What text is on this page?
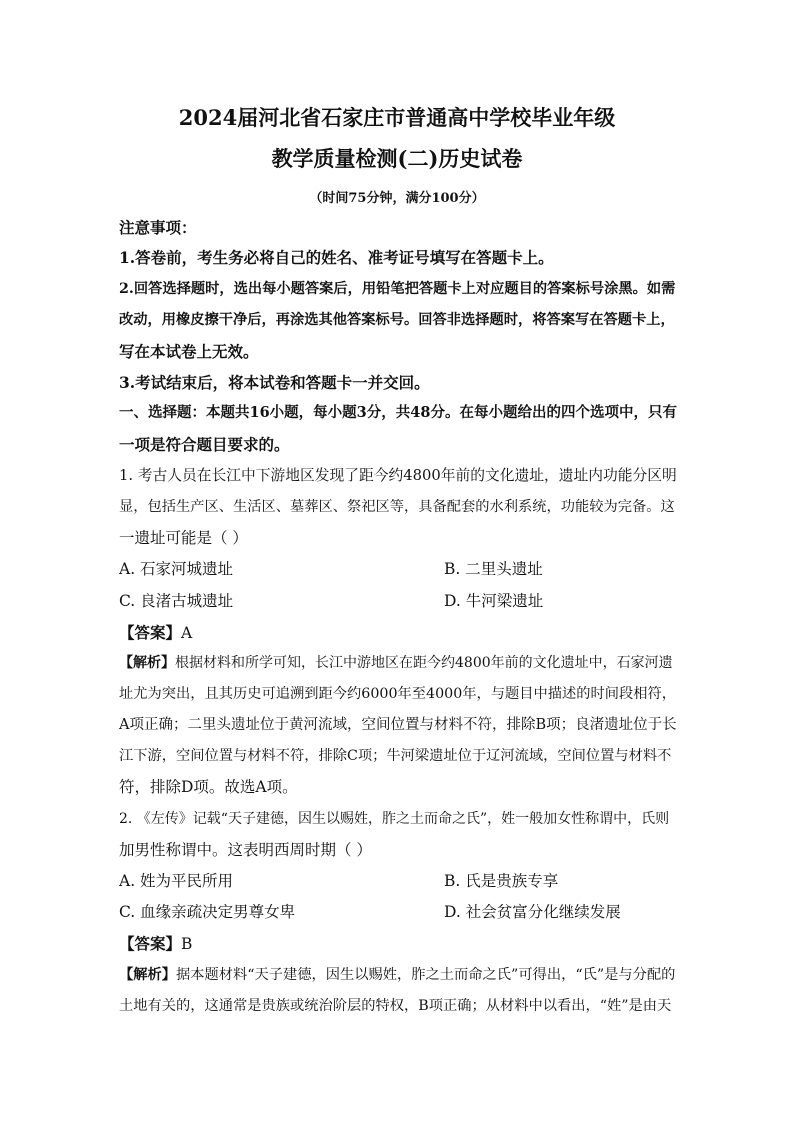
2024届河北省石家庄市普通高中学校毕业年级
教学质量检测(二)历史试卷
（时间75分钟，满分100分）
注意事项：
1.答卷前，考生务必将自己的姓名、准考证号填写在答题卡上。
2.回答选择题时，选出每小题答案后，用铅笔把答题卡上对应题目的答案标号涂黑。如需
改动，用橡皮擦干净后，再涂选其他答案标号。回答非选择题时，将答案写在答题卡上，
写在本试卷上无效。
3.考试结束后，将本试卷和答题卡一并交回。
一、选择题：本题共16小题，每小题3分，共48分。在每小题给出的四个选项中，只有
一项是符合题目要求的。
1. 考古人员在长江中下游地区发现了距今约4800年前的文化遗址，遗址内功能分区明
显，包括生产区、生活区、墓葬区、祭祀区等，具备配套的水利系统，功能较为完备。这
一遗址可能是（ ）
A. 石家河城遗址	B. 二里头遗址
C. 良渚古城遗址	D. 牛河梁遗址
【答案】A
【解析】根据材料和所学可知，长江中游地区在距今约4800年前的文化遗址中，石家河遗
址尤为突出，且其历史可追溯到距今约6000年至4000年，与题目中描述的时间段相符，
A项正确；二里头遗址位于黄河流域，空间位置与材料不符，排除B项；良渚遗址位于长
江下游，空间位置与材料不符，排除C项；牛河梁遗址位于辽河流域，空间位置与材料不
符，排除D项。故选A项。
2. 《左传》记载“天子建德，因生以赐姓，胙之土而命之氏”，姓一般加女性称谓中，氏则
加男性称谓中。这表明西周时期（ ）
A. 姓为平民所用	B. 氏是贵族专享
C. 血缘亲疏决定男尊女卑	D. 社会贫富分化继续发展
【答案】B
【解析】据本题材料“天子建德，因生以赐姓，胙之土而命之氏”可得出，“氏”是与分配的
土地有关的，这通常是贵族或统治阶层的特权，B项正确；从材料中以看出，“姓”是由天
